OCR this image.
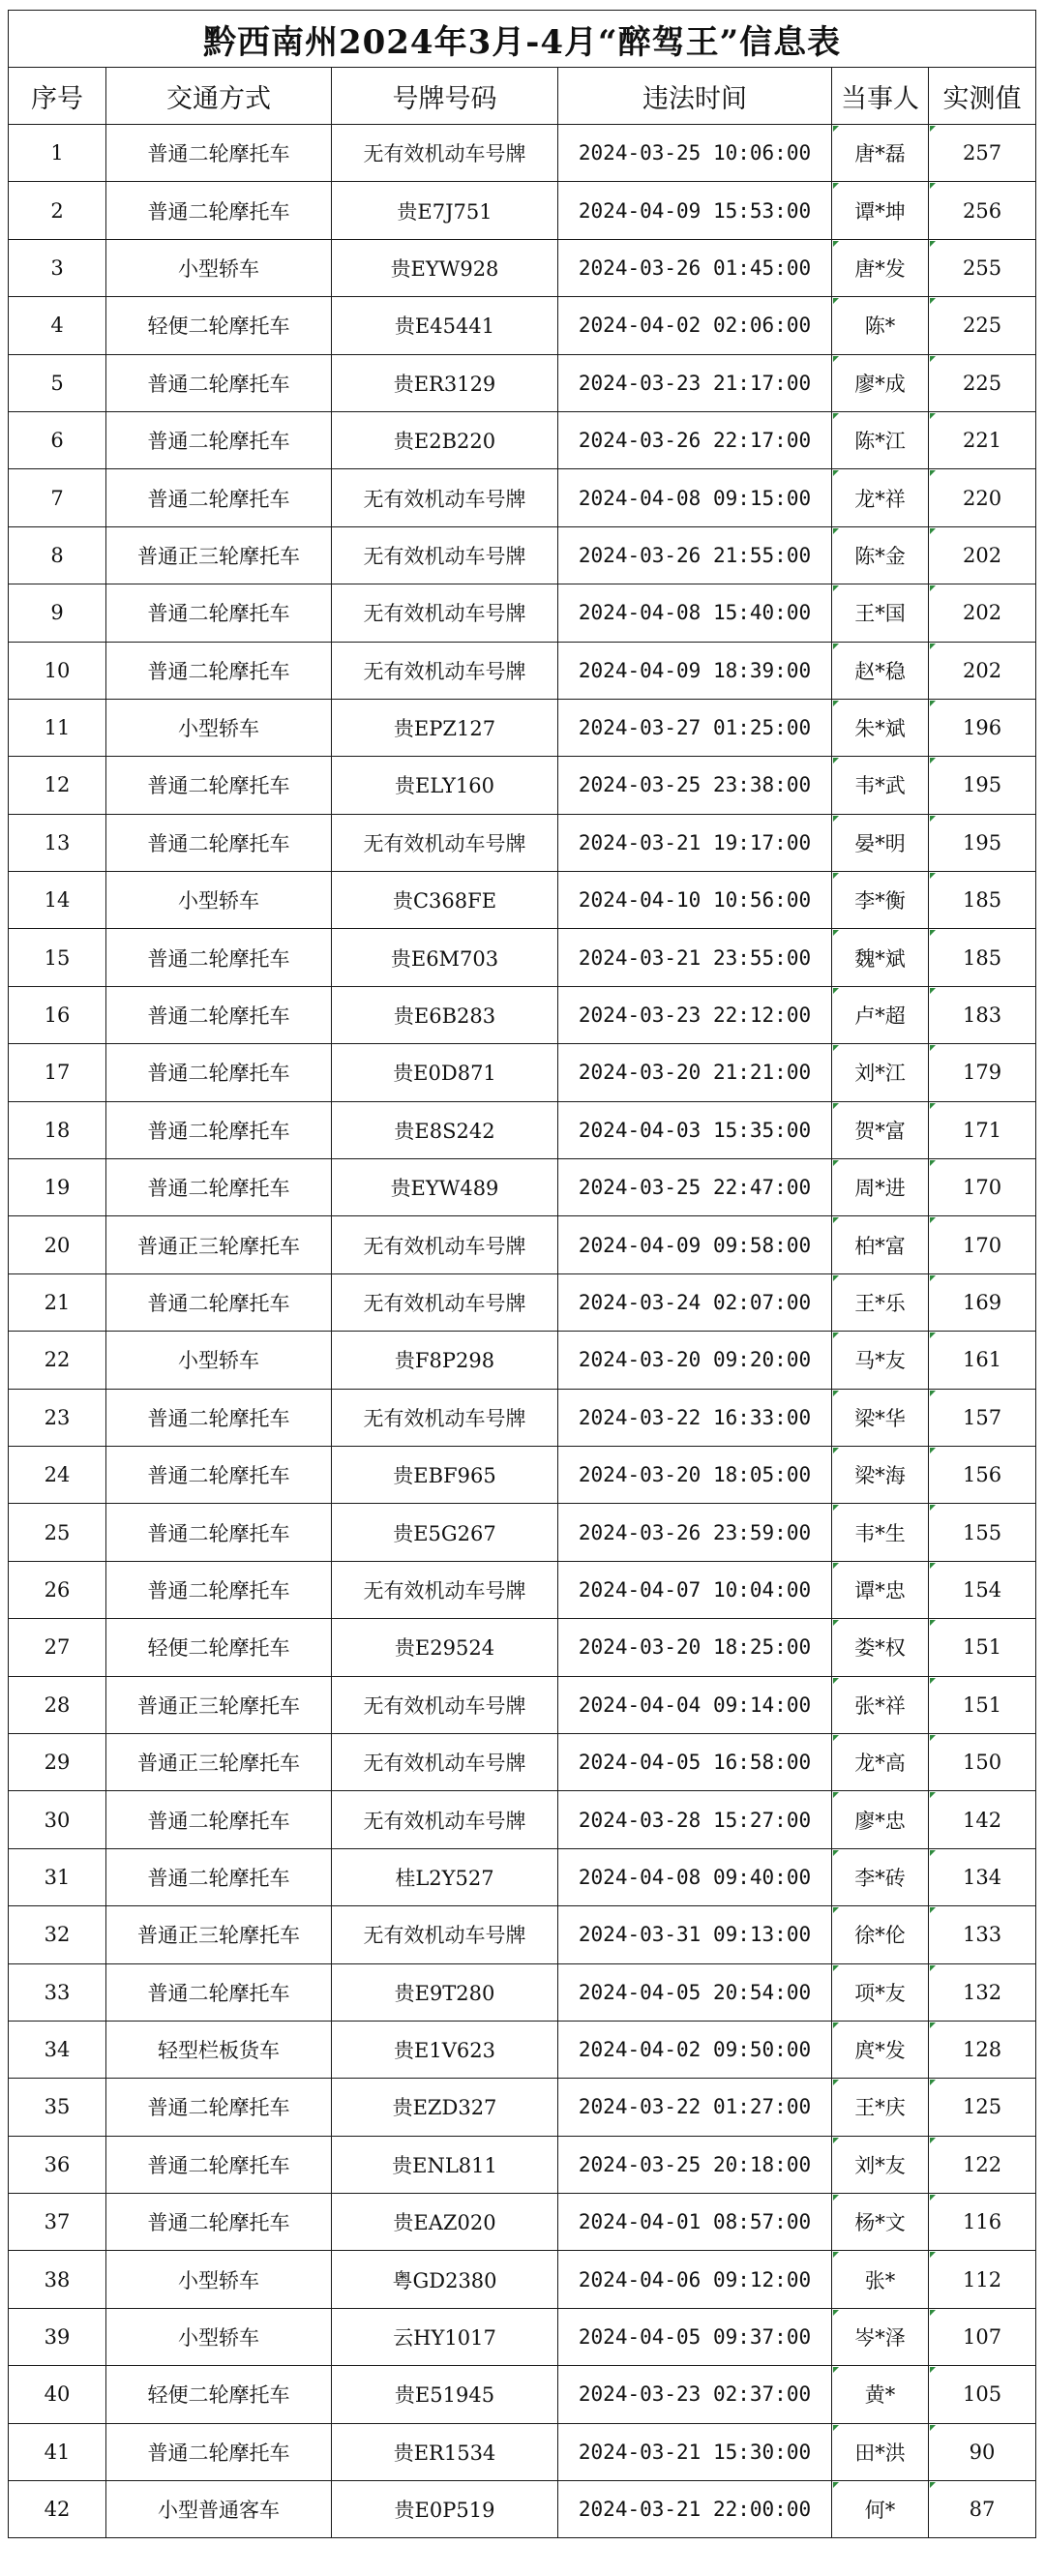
黔西南州2024年3月-4月“醉驾王”信息表					
序号	交通方式	号牌号码	违法时间	当事人	实测值
1	普通二轮摩托车	无有效机动车号牌	2024-03-25 10:06:00	唐*磊	257
2	普通二轮摩托车	贵E7J751	2024-04-09 15:53:00	谭*坤	256
3	小型轿车	贵EYW928	2024-03-26 01:45:00	唐*发	255
4	轻便二轮摩托车	贵E45441	2024-04-02 02:06:00	陈*	225
5	普通二轮摩托车	贵ER3129	2024-03-23 21:17:00	廖*成	225
6	普通二轮摩托车	贵E2B220	2024-03-26 22:17:00	陈*江	221
7	普通二轮摩托车	无有效机动车号牌	2024-04-08 09:15:00	龙*祥	220
8	普通正三轮摩托车	无有效机动车号牌	2024-03-26 21:55:00	陈*金	202
9	普通二轮摩托车	无有效机动车号牌	2024-04-08 15:40:00	王*国	202
10	普通二轮摩托车	无有效机动车号牌	2024-04-09 18:39:00	赵*稳	202
11	小型轿车	贵EPZ127	2024-03-27 01:25:00	朱*斌	196
12	普通二轮摩托车	贵ELY160	2024-03-25 23:38:00	韦*武	195
13	普通二轮摩托车	无有效机动车号牌	2024-03-21 19:17:00	晏*明	195
14	小型轿车	贵C368FE	2024-04-10 10:56:00	李*衡	185
15	普通二轮摩托车	贵E6M703	2024-03-21 23:55:00	魏*斌	185
16	普通二轮摩托车	贵E6B283	2024-03-23 22:12:00	卢*超	183
17	普通二轮摩托车	贵E0D871	2024-03-20 21:21:00	刘*江	179
18	普通二轮摩托车	贵E8S242	2024-04-03 15:35:00	贺*富	171
19	普通二轮摩托车	贵EYW489	2024-03-25 22:47:00	周*进	170
20	普通正三轮摩托车	无有效机动车号牌	2024-04-09 09:58:00	柏*富	170
21	普通二轮摩托车	无有效机动车号牌	2024-03-24 02:07:00	王*乐	169
22	小型轿车	贵F8P298	2024-03-20 09:20:00	马*友	161
23	普通二轮摩托车	无有效机动车号牌	2024-03-22 16:33:00	梁*华	157
24	普通二轮摩托车	贵EBF965	2024-03-20 18:05:00	梁*海	156
25	普通二轮摩托车	贵E5G267	2024-03-26 23:59:00	韦*生	155
26	普通二轮摩托车	无有效机动车号牌	2024-04-07 10:04:00	谭*忠	154
27	轻便二轮摩托车	贵E29524	2024-03-20 18:25:00	娄*权	151
28	普通正三轮摩托车	无有效机动车号牌	2024-04-04 09:14:00	张*祥	151
29	普通正三轮摩托车	无有效机动车号牌	2024-04-05 16:58:00	龙*高	150
30	普通二轮摩托车	无有效机动车号牌	2024-03-28 15:27:00	廖*忠	142
31	普通二轮摩托车	桂L2Y527	2024-04-08 09:40:00	李*砖	134
32	普通正三轮摩托车	无有效机动车号牌	2024-03-31 09:13:00	徐*伦	133
33	普通二轮摩托车	贵E9T280	2024-04-05 20:54:00	项*友	132
34	轻型栏板货车	贵E1V623	2024-04-02 09:50:00	庹*发	128
35	普通二轮摩托车	贵EZD327	2024-03-22 01:27:00	王*庆	125
36	普通二轮摩托车	贵ENL811	2024-03-25 20:18:00	刘*友	122
37	普通二轮摩托车	贵EAZ020	2024-04-01 08:57:00	杨*文	116
38	小型轿车	粤GD2380	2024-04-06 09:12:00	张*	112
39	小型轿车	云HY1017	2024-04-05 09:37:00	岑*泽	107
40	轻便二轮摩托车	贵E51945	2024-03-23 02:37:00	黄*	105
41	普通二轮摩托车	贵ER1534	2024-03-21 15:30:00	田*洪	90
42	小型普通客车	贵E0P519	2024-03-21 22:00:00	何*	87
